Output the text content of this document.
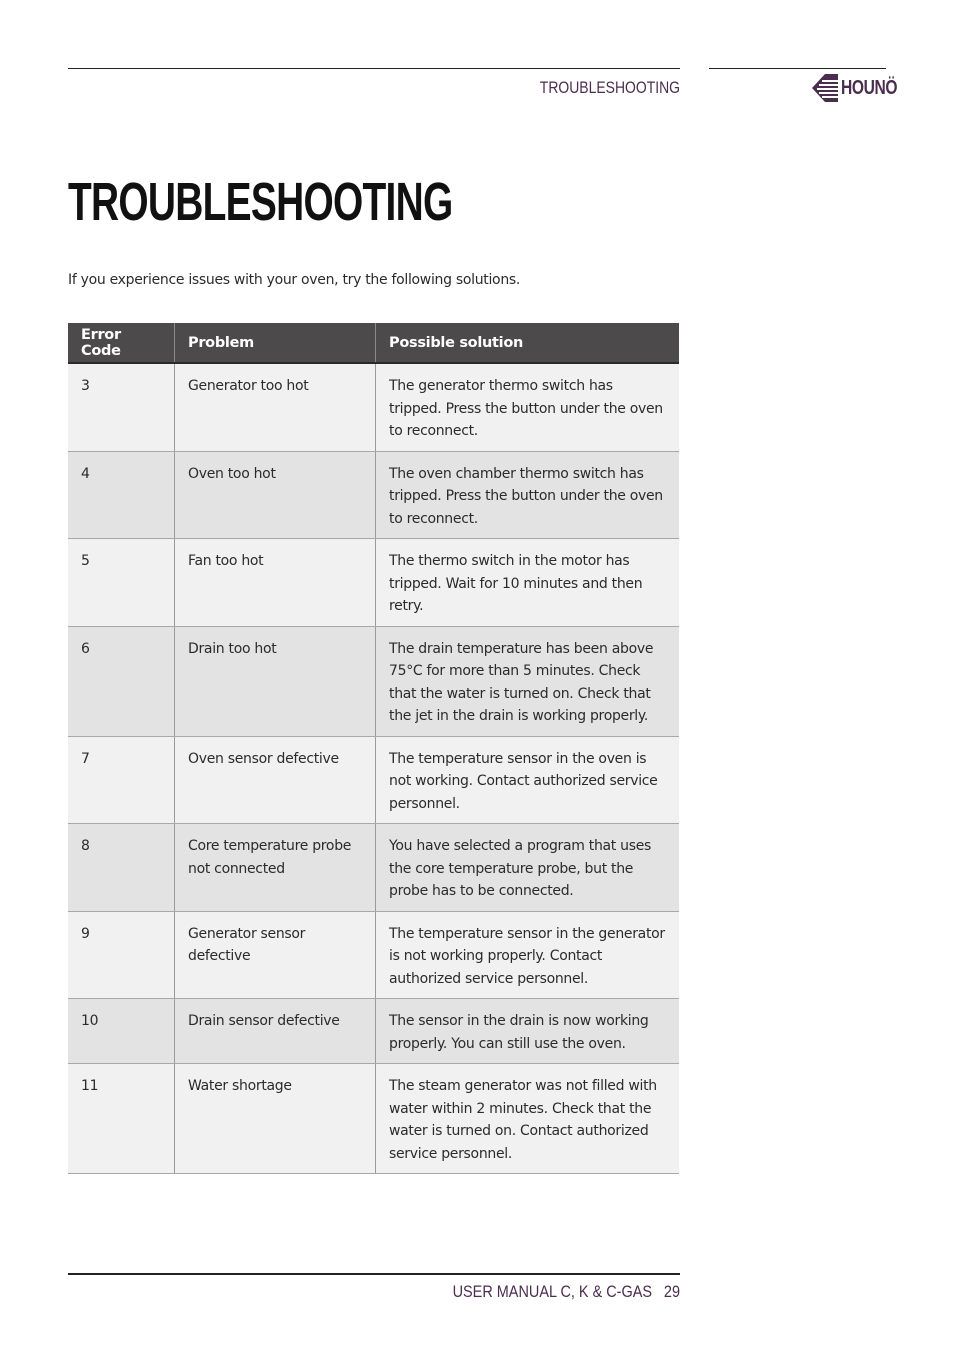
TROUBLESHOOTING	HOUNÖ
TROUBLESHOOTING
If you experience issues with your oven, try the following solutions.
Error Code	Problem	Possible solution
3	Generator too hot	The generator thermo switch has tripped. Press the button under the oven to reconnect.
4	Oven too hot	The oven chamber thermo switch has tripped. Press the button under the oven to reconnect.
5	Fan too hot	The thermo switch in the motor has tripped. Wait for 10 minutes and then retry.
6	Drain too hot	The drain temperature has been above 75°C for more than 5 minutes. Check that the water is turned on. Check that the jet in the drain is working properly.
7	Oven sensor defective	The temperature sensor in the oven is not working. Contact authorized service personnel.
8	Core temperature probe not connected	You have selected a program that uses the core temperature probe, but the probe has to be connected.
9	Generator sensor defective	The temperature sensor in the generator is not working properly. Contact authorized service personnel.
10	Drain sensor defective	The sensor in the drain is now working properly. You can still use the oven.
11	Water shortage	The steam generator was not filled with water within 2 minutes. Check that the water is turned on. Contact authorized service personnel.
USER MANUAL C, K & C-GAS 29
